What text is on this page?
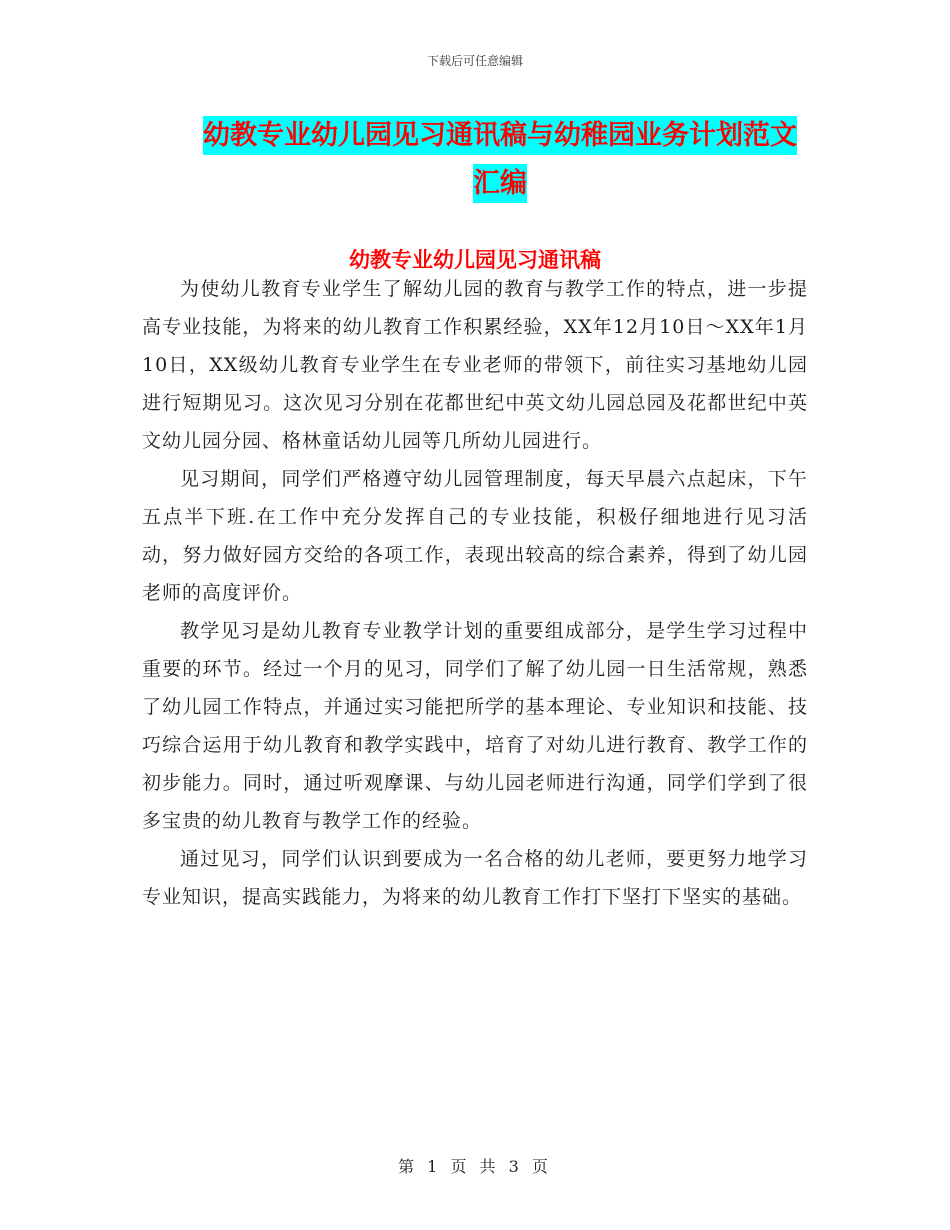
下载后可任意编辑
幼教专业幼儿园见习通讯稿与幼稚园业务计划范文汇编
幼教专业幼儿园见习通讯稿

为使幼儿教育专业学生了解幼儿园的教育与教学工作的特点，进一步提高专业技能，为将来的幼儿教育工作积累经验，XX年12月10日～XX年1月10日，XX级幼儿教育专业学生在专业老师的带领下，前往实习基地幼儿园进行短期见习。这次见习分别在花都世纪中英文幼儿园总园及花都世纪中英文幼儿园分园、格林童话幼儿园等几所幼儿园进行。

见习期间，同学们严格遵守幼儿园管理制度，每天早晨六点起床，下午五点半下班.在工作中充分发挥自己的专业技能，积极仔细地进行见习活动，努力做好园方交给的各项工作，表现出较高的综合素养，得到了幼儿园老师的高度评价。

教学见习是幼儿教育专业教学计划的重要组成部分，是学生学习过程中重要的环节。经过一个月的见习，同学们了解了幼儿园一日生活常规，熟悉了幼儿园工作特点，并通过实习能把所学的基本理论、专业知识和技能、技巧综合运用于幼儿教育和教学实践中，培育了对幼儿进行教育、教学工作的初步能力。同时，通过听观摩课、与幼儿园老师进行沟通，同学们学到了很多宝贵的幼儿教育与教学工作的经验。

通过见习，同学们认识到要成为一名合格的幼儿老师，要更努力地学习专业知识，提高实践能力，为将来的幼儿教育工作打下坚打下坚实的基础。

第 1 页 共 3 页
